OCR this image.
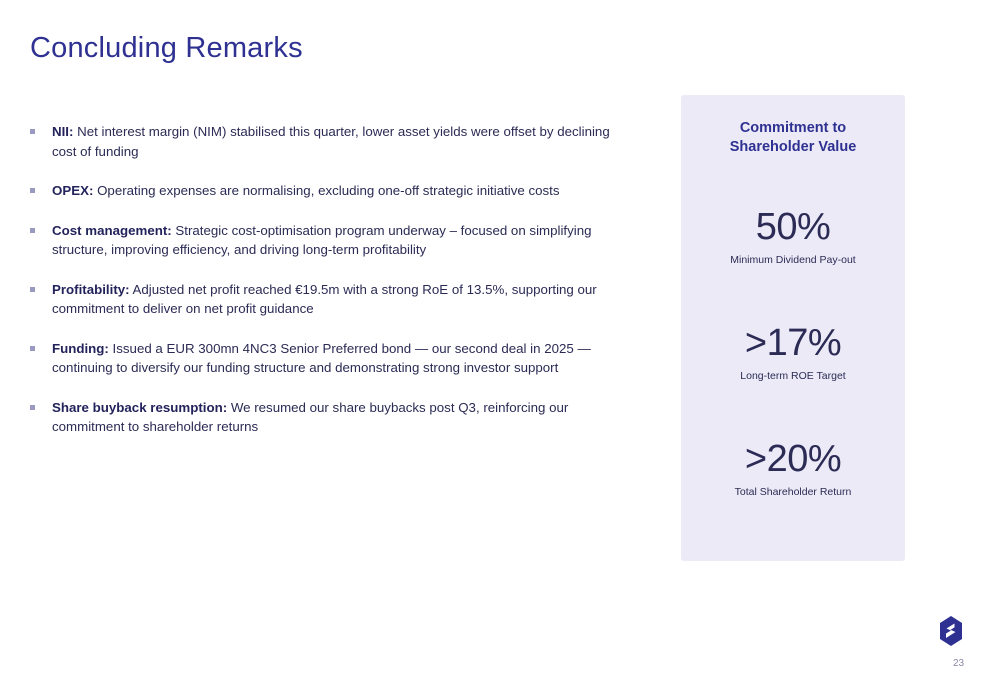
Concluding Remarks
NII: Net interest margin (NIM) stabilised this quarter, lower asset yields were offset by declining cost of funding
OPEX: Operating expenses are normalising, excluding one-off strategic initiative costs
Cost management: Strategic cost-optimisation program underway – focused on simplifying structure, improving efficiency, and driving long-term profitability
Profitability: Adjusted net profit reached €19.5m with a strong RoE of 13.5%, supporting our commitment to deliver on net profit guidance
Funding: Issued a EUR 300mn 4NC3 Senior Preferred bond — our second deal in 2025 — continuing to diversify our funding structure and demonstrating strong investor support
Share buyback resumption: We resumed our share buybacks post Q3, reinforcing our commitment to shareholder returns
Commitment to
Shareholder Value
50%
Minimum Dividend Pay-out
>17%
Long-term ROE Target
>20%
Total Shareholder Return
23
